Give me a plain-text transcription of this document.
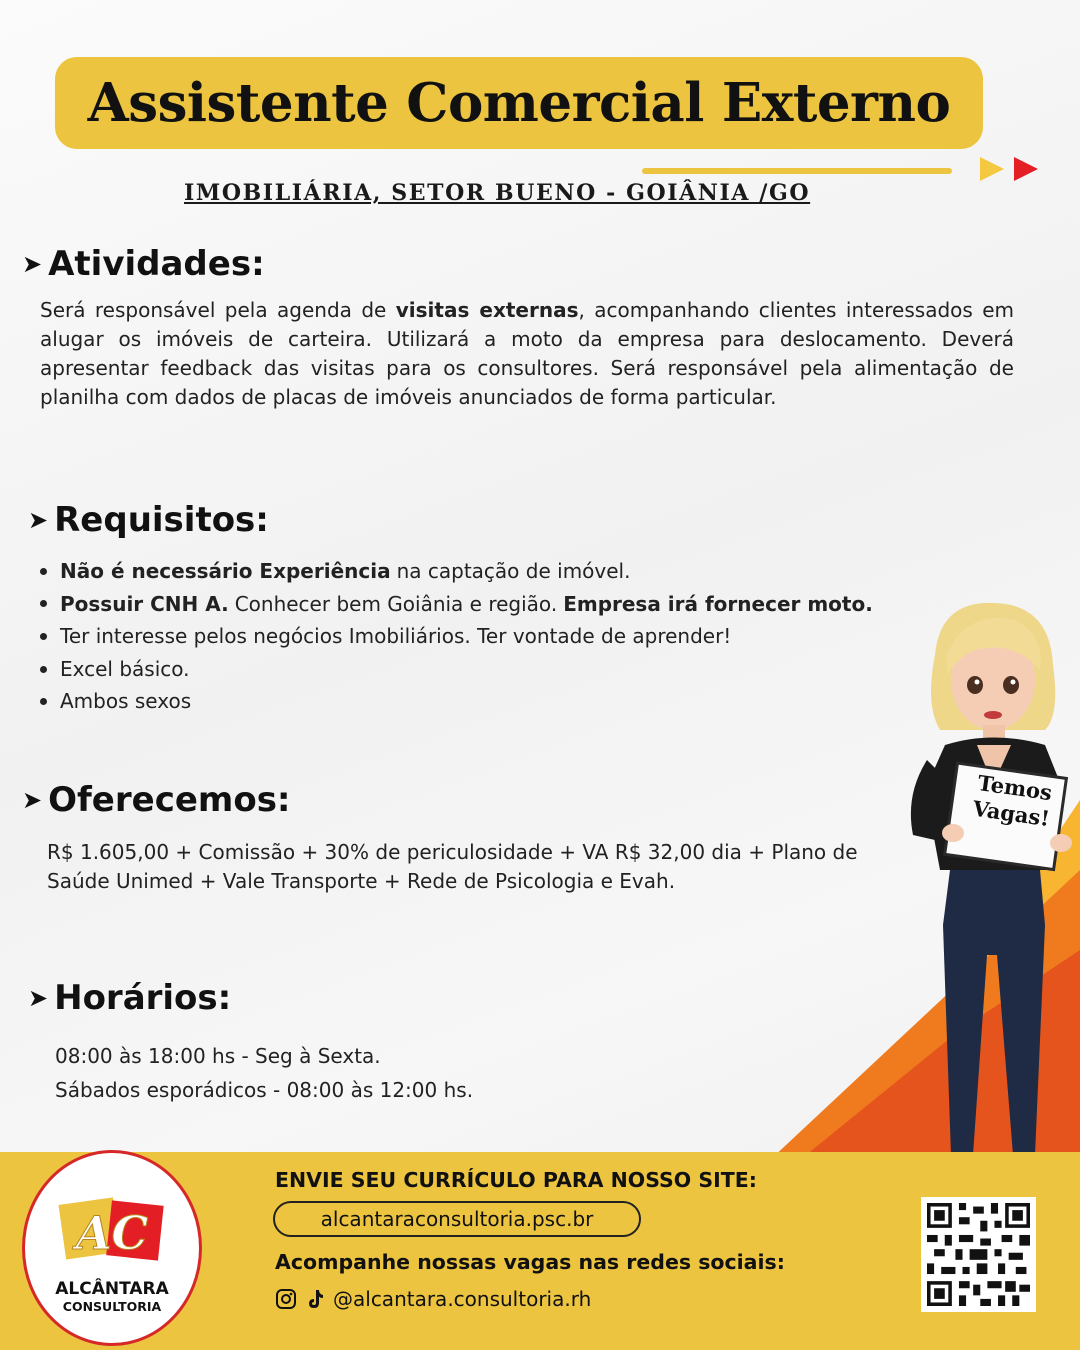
Assistente Comercial Externo
IMOBILIÁRIA, SETOR BUENO - GOIÂNIA /GO
➤ Atividades:

Será responsável pela agenda de visitas externas, acompanhando clientes interessados em alugar os imóveis de carteira. Utilizará a moto da empresa para deslocamento. Deverá apresentar feedback das visitas para os consultores. Será responsável pela alimentação de planilha com dados de placas de imóveis anunciados de forma particular.

➤ Requisitos:
Não é necessário Experiência na captação de imóvel.
Possuir CNH A. Conhecer bem Goiânia e região. Empresa irá fornecer moto.
Ter interesse pelos negócios Imobiliários. Ter vontade de aprender!
Excel básico.
Ambos sexos
➤ Oferecemos:

R$ 1.605,00 + Comissão + 30% de periculosidade + VA R$ 32,00 dia + Plano de Saúde Unimed + Vale Transporte + Rede de Psicologia e Evah.

➤ Horários:

08:00 às 18:00 hs - Seg à Sexta.

Sábados esporádicos - 08:00 às 12:00 hs.

Temos
Vagas!
AC
ALCÂNTARA
CONSULTORIA
ENVIE SEU CURRÍCULO PARA NOSSO SITE:
alcantaraconsultoria.psc.br
Acompanhe nossas vagas nas redes sociais:
@alcantara.consultoria.rh
